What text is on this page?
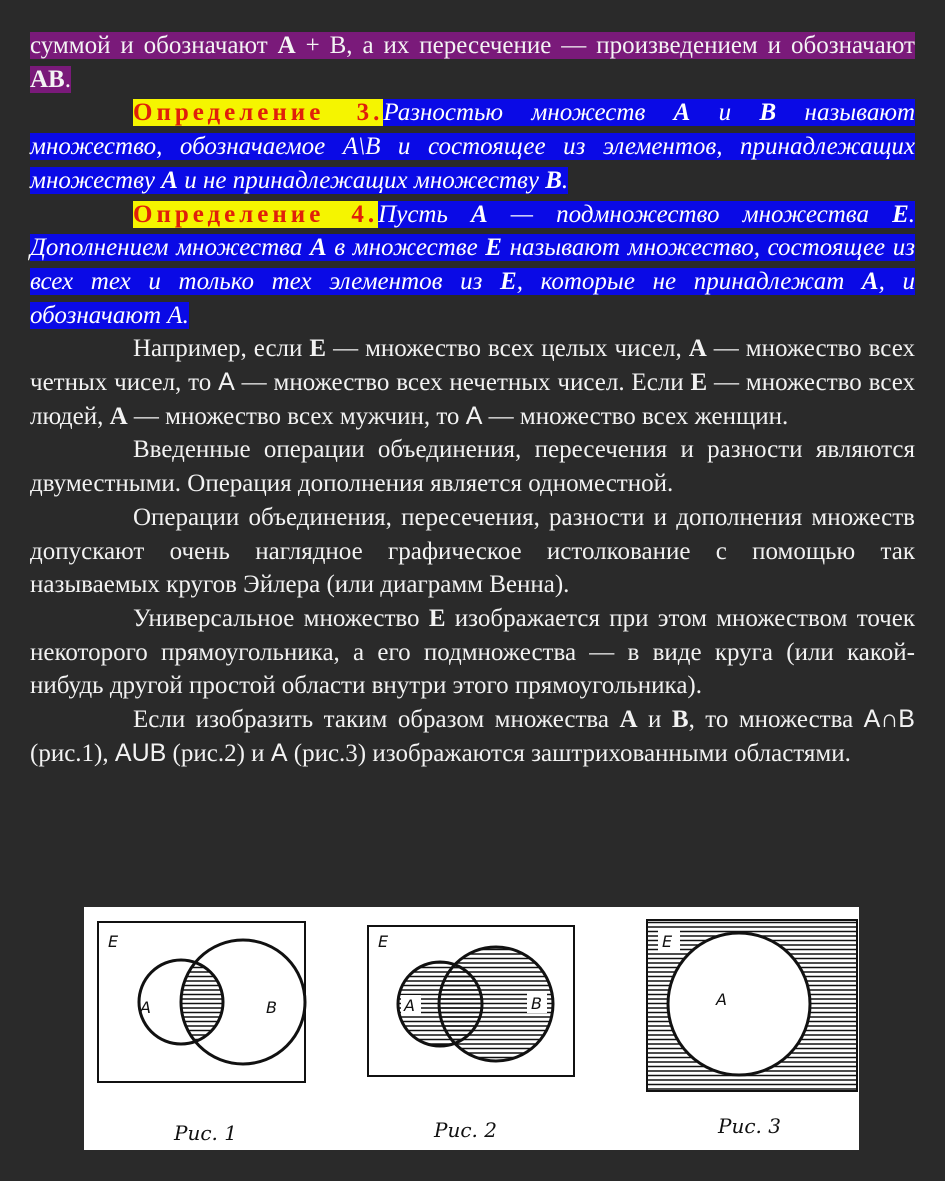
суммой и обозначают А + В, а их пересечение — произведением и обозначают АВ.

Определение 3.Разностью множеств А и В называют множество, обозначаемое А\В и состоящее из элементов, принадлежащих множеству А и не принадлежащих множеству В.

Определение 4.Пусть А — подмножество множества Е. Дополнением множества А в множестве Е называют множество, состоящее из всех тех и только тех элементов из Е, которые не принадлежат А, и обозначают A.

Например, если Е — множество всех целых чисел, А — множество всех четных чисел, то A — множество всех нечетных чисел. Если Е — множество всех людей, А — множество всех мужчин, то A — множество всех женщин.

Введенные операции объединения, пересечения и разности являются двуместными. Операция дополнения является одноместной.

Операции объединения, пересечения, разности и дополнения множеств допускают очень наглядное графическое истолкование с помощью так называемых кругов Эйлера (или диаграмм Венна).

Универсальное множество Е изображается при этом множеством точек некоторого прямоугольника, а его подмножества — в виде круга (или какой-нибудь другой простой области внутри этого прямоугольника).

Если изобразить таким образом множества А и В, то множества A∩B (рис.1), AUB (рис.2) и A (рис.3) изображаются заштрихованными областями.

E
A	B
Рис. 1
E
A	B
Рис. 2
E
A
Рис. 3
